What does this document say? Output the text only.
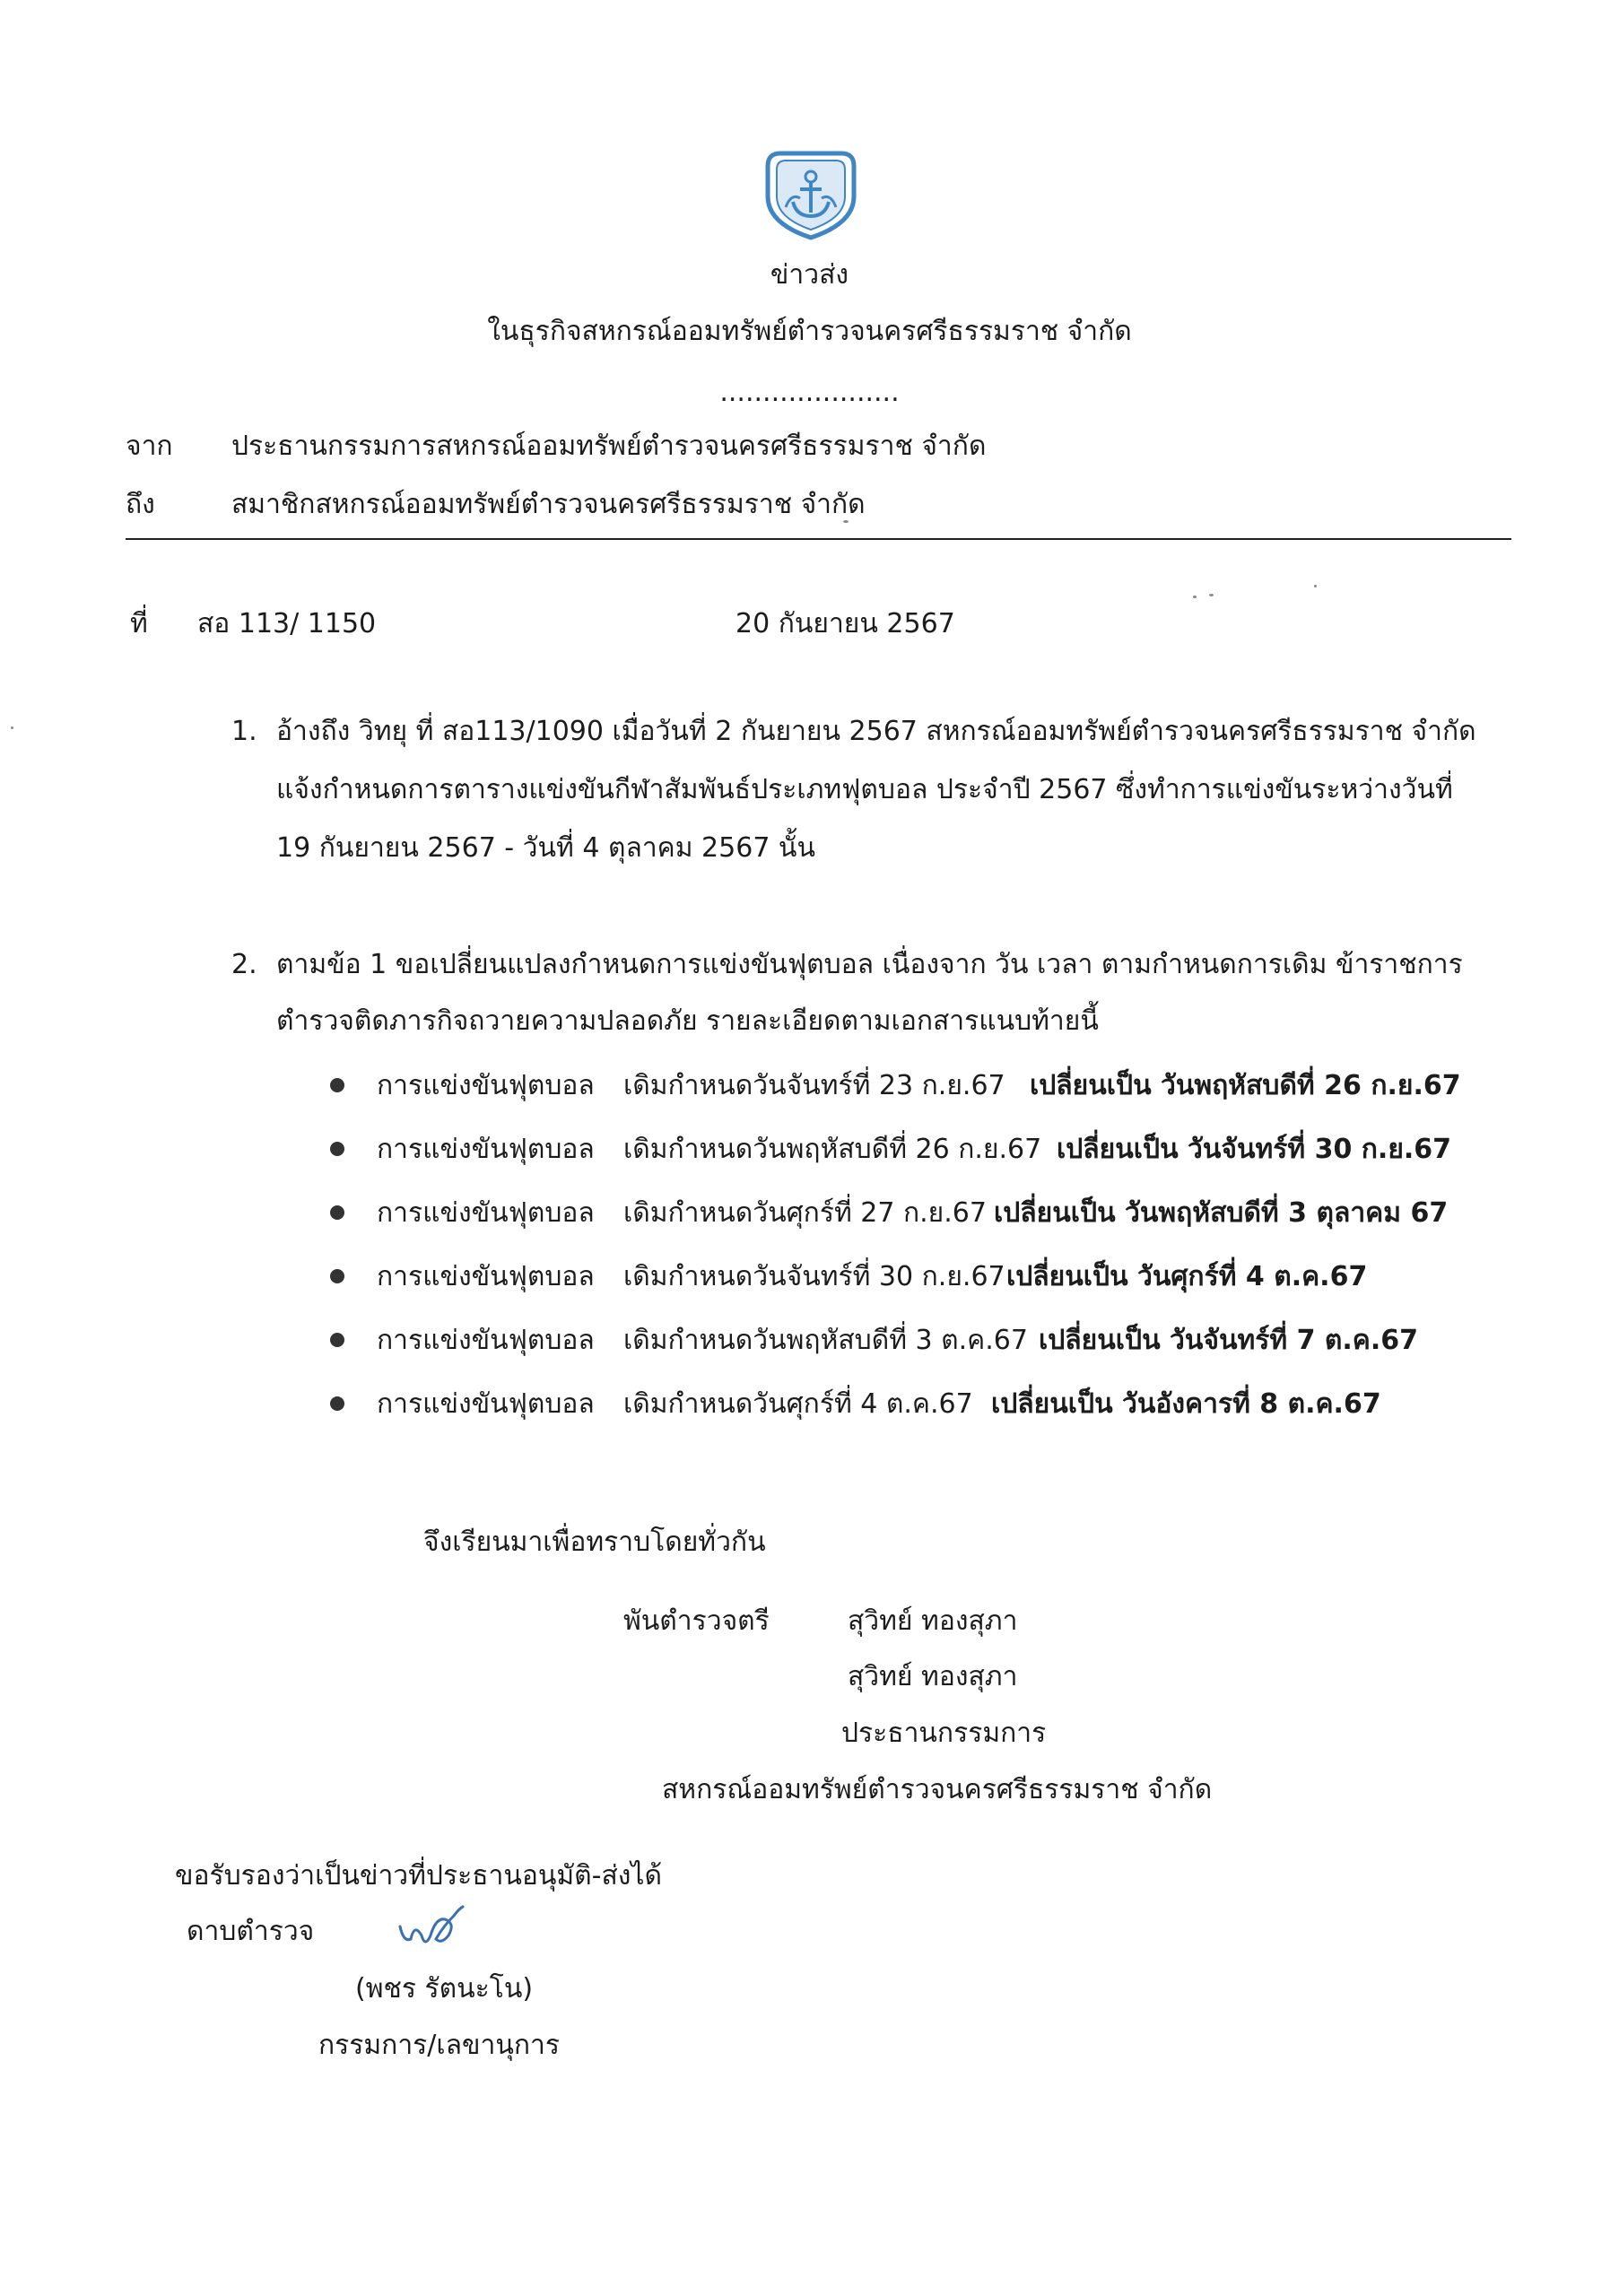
ข่าวส่ง
ในธุรกิจสหกรณ์ออมทรัพย์ตำรวจนครศรีธรรมราช จำกัด
.....................
จาก ประธานกรรมการสหกรณ์ออมทรัพย์ตำรวจนครศรีธรรมราช จำกัด
ถึง	สมาชิกสหกรณ์ออมทรัพย์ตำรวจนครศรีธรรมราช จำกัด
ที่ สอ 113/ 1150	20 กันยายน 2567
1. อ้างถึง วิทยุ ที่ สอ113/1090 เมื่อวันที่ 2 กันยายน 2567 สหกรณ์ออมทรัพย์ตำรวจนครศรีธรรมราช จำกัด
แจ้งกำหนดการตารางแข่งขันกีฬาสัมพันธ์ประเภทฟุตบอล ประจำปี 2567 ซึ่งทำการแข่งขันระหว่างวันที่
19 กันยายน 2567 - วันที่ 4 ตุลาคม 2567 นั้น
2. ตามข้อ 1 ขอเปลี่ยนแปลงกำหนดการแข่งขันฟุตบอล เนื่องจาก วัน เวลา ตามกำหนดการเดิม ข้าราชการ
ตำรวจติดภารกิจถวายความปลอดภัย รายละเอียดตามเอกสารแนบท้ายนี้
การแข่งขันฟุตบอล เดิมกำหนดวันจันทร์ที่ 23 ก.ย.67 เปลี่ยนเป็น วันพฤหัสบดีที่ 26 ก.ย.67
การแข่งขันฟุตบอล เดิมกำหนดวันพฤหัสบดีที่ 26 ก.ย.67 เปลี่ยนเป็น วันจันทร์ที่ 30 ก.ย.67
การแข่งขันฟุตบอล เดิมกำหนดวันศุกร์ที่ 27 ก.ย.67 เปลี่ยนเป็น วันพฤหัสบดีที่ 3 ตุลาคม 67
การแข่งขันฟุตบอล เดิมกำหนดวันจันทร์ที่ 30 ก.ย.67 เปลี่ยนเป็น วันศุกร์ที่ 4 ต.ค.67
การแข่งขันฟุตบอล เดิมกำหนดวันพฤหัสบดีที่ 3 ต.ค.67 เปลี่ยนเป็น วันจันทร์ที่ 7 ต.ค.67
การแข่งขันฟุตบอล เดิมกำหนดวันศุกร์ที่ 4 ต.ค.67 เปลี่ยนเป็น วันอังคารที่ 8 ต.ค.67
จึงเรียนมาเพื่อทราบโดยทั่วกัน
พันตำรวจตรี	สุวิทย์ ทองสุภา
สุวิทย์ ทองสุภา
ประธานกรรมการ
สหกรณ์ออมทรัพย์ตำรวจนครศรีธรรมราช จำกัด
ขอรับรองว่าเป็นข่าวที่ประธานอนุมัติ-ส่งได้
ดาบตำรวจ
(พชร รัตนะโน)
กรรมการ/เลขานุการ
